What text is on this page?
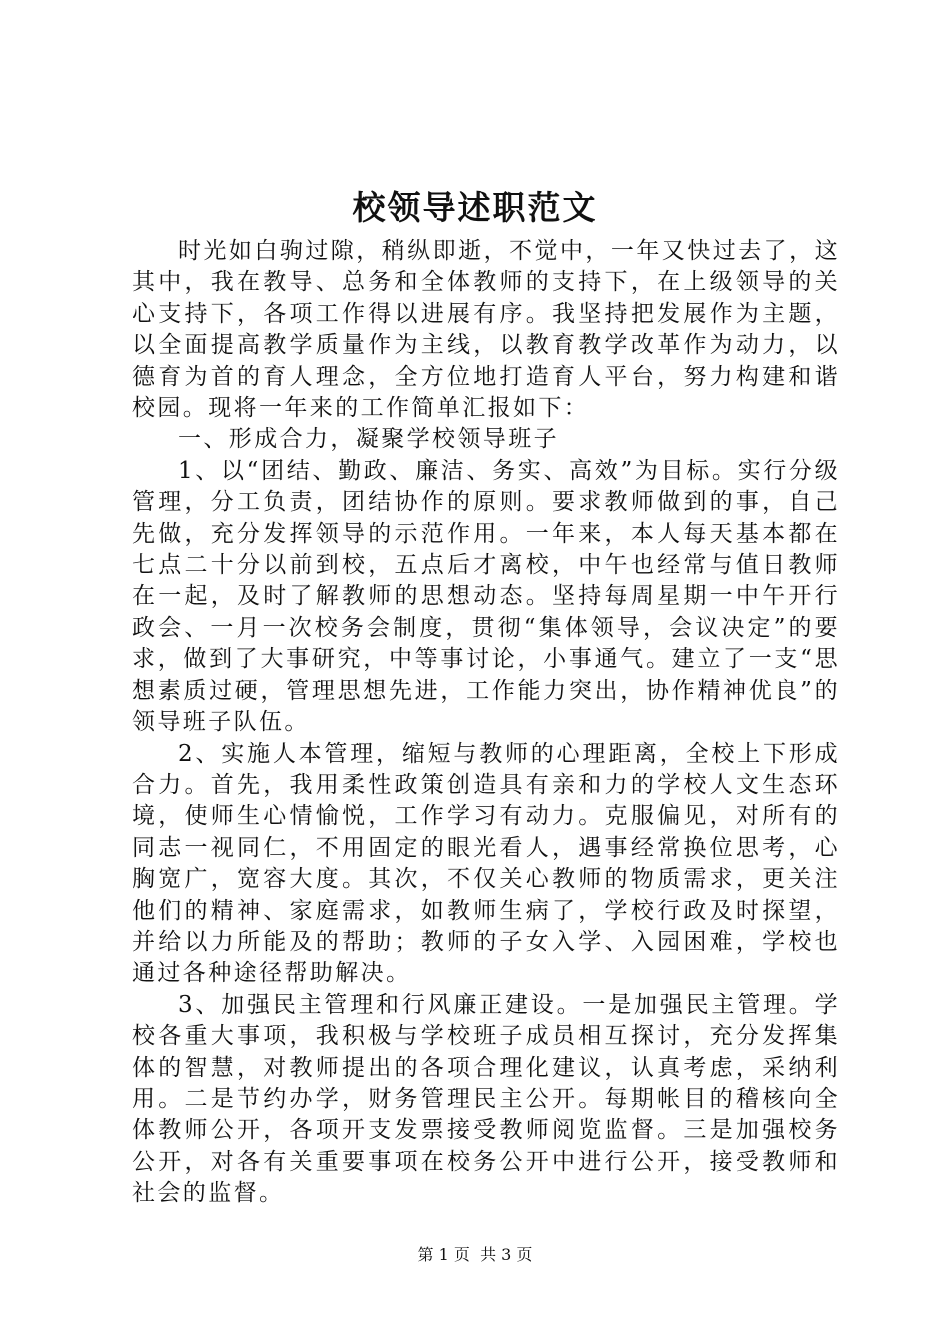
校领导述职范文

时光如白驹过隙，稍纵即逝，不觉中，一年又快过去了，这其中，我在教导、总务和全体教师的支持下，在上级领导的关心支持下，各项工作得以进展有序。我坚持把发展作为主题，以全面提高教学质量作为主线，以教育教学改革作为动力，以德育为首的育人理念，全方位地打造育人平台，努力构建和谐校园。现将一年来的工作简单汇报如下：

一、形成合力，凝聚学校领导班子

1、以“团结、勤政、廉洁、务实、高效”为目标。实行分级管理，分工负责，团结协作的原则。要求教师做到的事，自己先做，充分发挥领导的示范作用。一年来，本人每天基本都在七点二十分以前到校，五点后才离校，中午也经常与值日教师在一起，及时了解教师的思想动态。坚持每周星期一中午开行政会、一月一次校务会制度，贯彻“集体领导，会议决定”的要求，做到了大事研究，中等事讨论，小事通气。建立了一支“思想素质过硬，管理思想先进，工作能力突出，协作精神优良”的领导班子队伍。

2、实施人本管理，缩短与教师的心理距离，全校上下形成合力。首先，我用柔性政策创造具有亲和力的学校人文生态环境，使师生心情愉悦，工作学习有动力。克服偏见，对所有的同志一视同仁，不用固定的眼光看人，遇事经常换位思考，心胸宽广，宽容大度。其次，不仅关心教师的物质需求，更关注他们的精神、家庭需求，如教师生病了，学校行政及时探望，并给以力所能及的帮助；教师的子女入学、入园困难，学校也通过各种途径帮助解决。

3、加强民主管理和行风廉正建设。一是加强民主管理。学校各重大事项，我积极与学校班子成员相互探讨，充分发挥集体的智慧，对教师提出的各项合理化建议，认真考虑，采纳利用。二是节约办学，财务管理民主公开。每期帐目的稽核向全体教师公开，各项开支发票接受教师阅览监督。三是加强校务公开，对各有关重要事项在校务公开中进行公开，接受教师和社会的监督。

第 1 页  共 3 页
